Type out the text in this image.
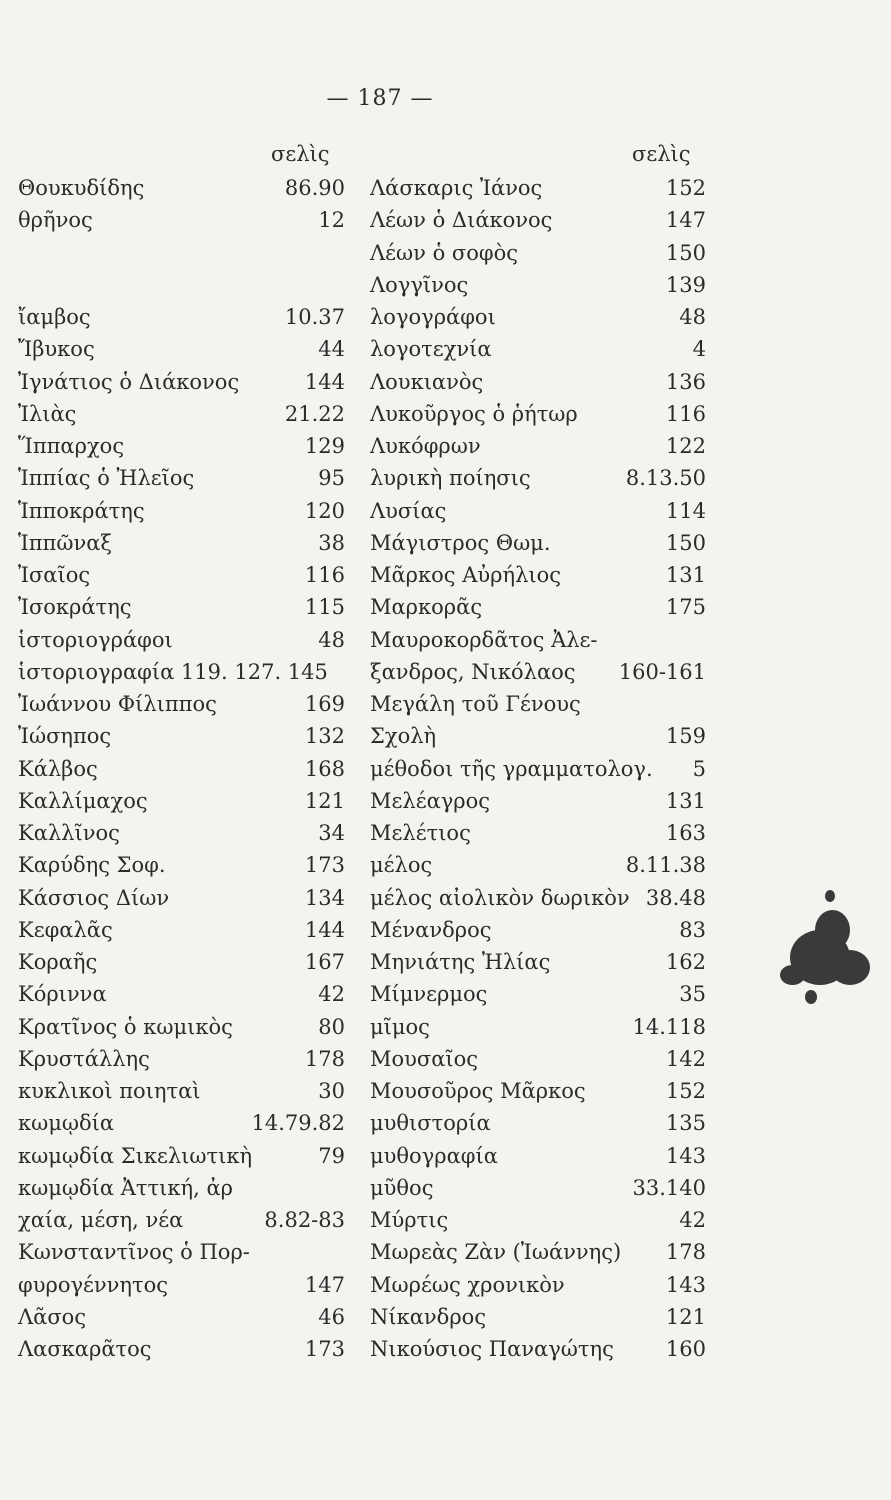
— 187 —
σελὶς	σελὶς
Θουκυδίδης	86.90
θρῆνος	12
ἴαμβος	10.37
Ἴβυκος	44
Ἰγνάτιος ὁ Διάκονος	144
Ἰλιὰς	21.22
Ἵππαρχος	129
Ἱππίας ὁ Ἠλεῖος	95
Ἱπποκράτης	120
Ἱππῶναξ	38
Ἰσαῖος	116
Ἰσοκράτης	115
ἱστοριογράφοι	48
ἱστοριογραφία 119. 127. 145
Ἰωάννου Φίλιππος	169
Ἰώσηπος	132
Κάλβος	168
Καλλίμαχος	121
Καλλῖνος	34
Καρύδης Σοφ.	173
Κάσσιος Δίων	134
Κεφαλᾶς	144
Κοραῆς	167
Κόριννα	42
Κρατῖνος ὁ κωμικὸς	80
Κρυστάλλης	178
κυκλικοὶ ποιηταὶ	30
κωμῳδία	14.79.82
κωμῳδία Σικελιωτικὴ	79
κωμῳδία Ἀττική, ἀρ
χαία, μέση, νέα	8.82-83
Κωνσταντῖνος ὁ Πορ-
φυρογέννητος	147
Λᾶσος	46
Λασκαρᾶτος	173
Λάσκαρις Ἰάνος	152
Λέων ὁ Διάκονος	147
Λέων ὁ σοφὸς	150
Λογγῖνος	139
λογογράφοι	48
λογοτεχνία	4
Λουκιανὸς	136
Λυκοῦργος ὁ ῥήτωρ	116
Λυκόφρων	122
λυρικὴ ποίησις	8.13.50
Λυσίας	114
Μάγιστρος Θωμ.	150
Μᾶρκος Αὐρήλιος	131
Μαρκορᾶς	175
Μαυροκορδᾶτος Ἀλε-
ξανδρος, Νικόλαος 160-161
Μεγάλη τοῦ Γένους
Σχολὴ	159
μέθοδοι τῆς γραμματολογ. 5
Μελέαγρος	131
Μελέτιος	163
μέλος	8.11.38
μέλος αἰολικὸν δωρικὸν 38.48
Μένανδρος	83
Μηνιάτης Ἠλίας	162
Μίμνερμος	35
μῖμος	14.118
Μουσαῖος	142
Μουσοῦρος Μᾶρκος	152
μυθιστορία	135
μυθογραφία	143
μῦθος	33.140
Μύρτις	42
Μωρεὰς Ζὰν (Ἰωάννης) 178
Μωρέως χρονικὸν	143
Νίκανδρος	121
Νικούσιος Παναγώτης 160
